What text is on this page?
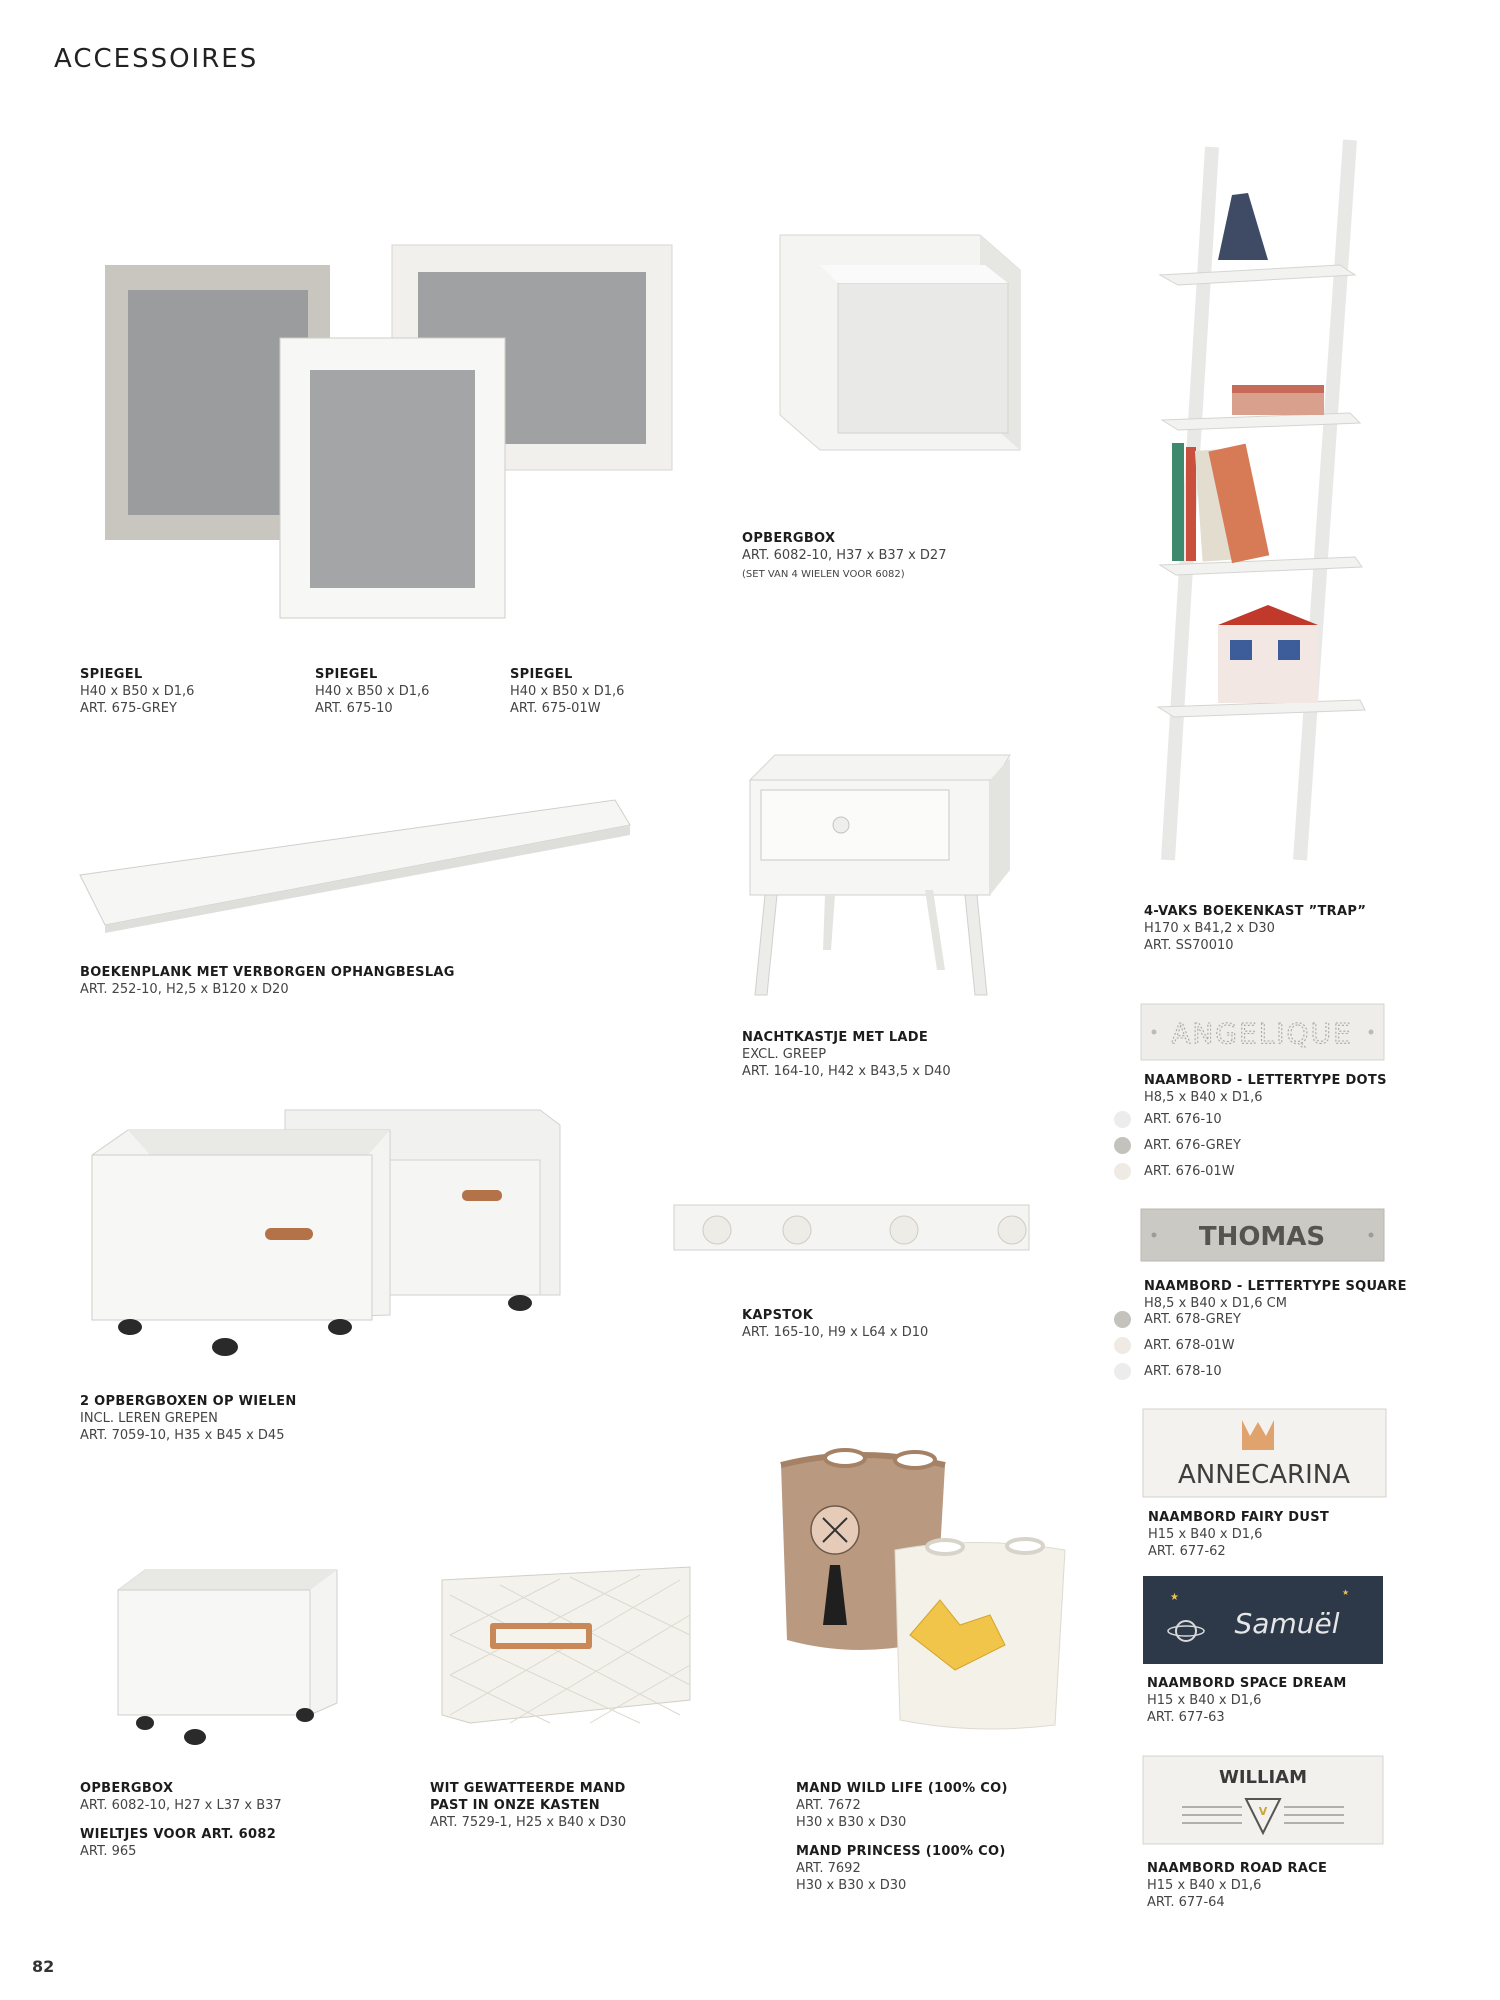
ACCESSOIRES
ANGELIQUE
THOMAS
ANNECARINA
★	★
Samuël
WILLIAM
V
SPIEGEL
H40 x B50 x D1,6
ART. 675-GREY
SPIEGEL
H40 x B50 x D1,6
ART. 675-10
SPIEGEL
H40 x B50 x D1,6
ART. 675-01W
OPBERGBOX
ART. 6082-10, H37 x B37 x D27
(SET VAN 4 WIELEN VOOR 6082)
4-VAKS BOEKENKAST ”TRAP”
H170 x B41,2 x D30
ART. SS70010
BOEKENPLANK MET VERBORGEN OPHANGBESLAG
ART. 252-10, H2,5 x B120 x D20
NACHTKASTJE MET LADE
EXCL. GREEP
ART. 164-10, H42 x B43,5 x D40
NAAMBORD - LETTERTYPE DOTS
H8,5 x B40 x D1,6
ART. 676-10
ART. 676-GREY
ART. 676-01W
NAAMBORD - LETTERTYPE SQUARE
H8,5 x B40 x D1,6 CM
ART. 678-GREY
ART. 678-01W
ART. 678-10
2 OPBERGBOXEN OP WIELEN
INCL. LEREN GREPEN
ART. 7059-10, H35 x B45 x D45
KAPSTOK
ART. 165-10, H9 x L64 x D10
NAAMBORD FAIRY DUST
H15 x B40 x D1,6
ART. 677-62
NAAMBORD SPACE DREAM
H15 x B40 x D1,6
ART. 677-63
NAAMBORD ROAD RACE
H15 x B40 x D1,6
ART. 677-64
OPBERGBOX
ART. 6082-10, H27 x L37 x B37
WIELTJES VOOR ART. 6082
ART. 965
WIT GEWATTEERDE MAND
PAST IN ONZE KASTEN
ART. 7529-1, H25 x B40 x D30
MAND WILD LIFE (100% CO)
ART. 7672
H30 x B30 x D30
MAND PRINCESS (100% CO)
ART. 7692
H30 x B30 x D30
82
